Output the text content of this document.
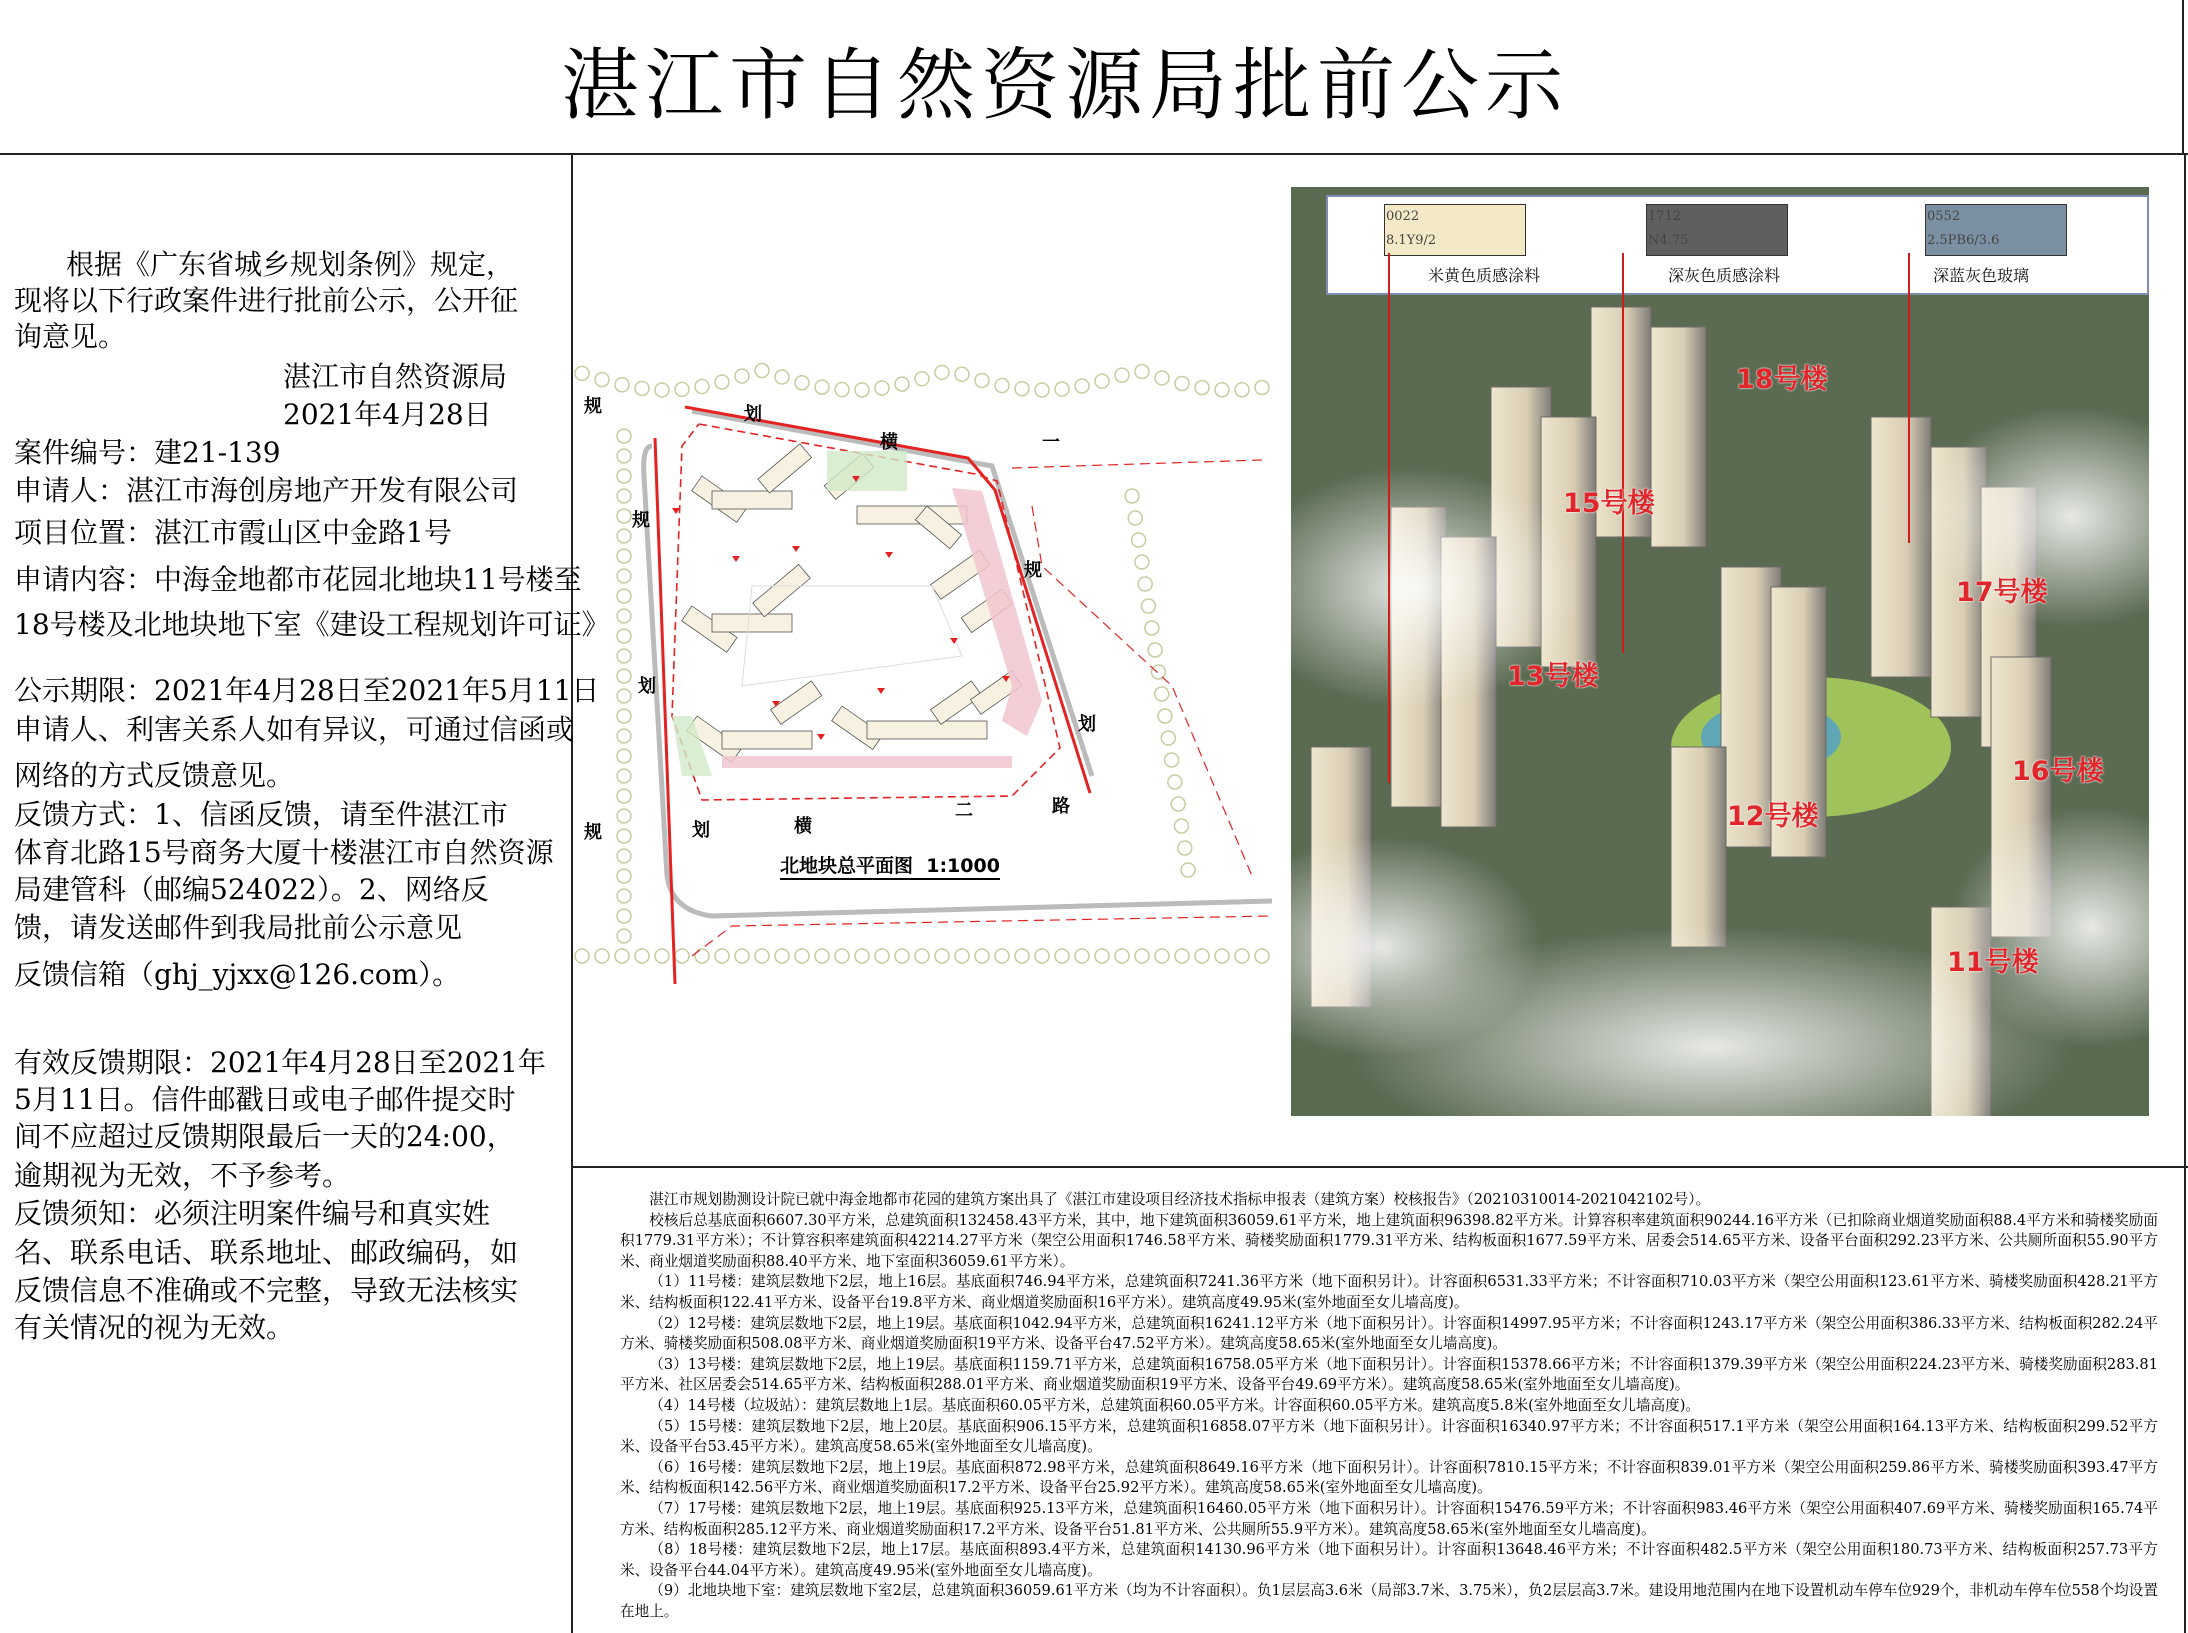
湛江市自然资源局批前公示
根据《广东省城乡规划条例》规定，
现将以下行政案件进行批前公示，公开征
询意见。
湛江市自然资源局
2021年4月28日
案件编号：建21-139
申请人：湛江市海创房地产开发有限公司
项目位置：湛江市霞山区中金路1号
申请内容：中海金地都市花园北地块11号楼至
18号楼及北地块地下室《建设工程规划许可证》
公示期限：2021年4月28日至2021年5月11日
申请人、利害关系人如有异议，可通过信函或
网络的方式反馈意见。
反馈方式：1、信函反馈，请至件湛江市
体育北路15号商务大厦十楼湛江市自然资源
局建管科（邮编524022）。2、网络反
馈，请发送邮件到我局批前公示意见
反馈信箱（ghj_yjxx@126.com）。
有效反馈期限：2021年4月28日至2021年
5月11日。信件邮戳日或电子邮件提交时
间不应超过反馈期限最后一天的24:00，
逾期视为无效，不予参考。
反馈须知：必须注明案件编号和真实姓
名、联系电话、联系地址、邮政编码，如
反馈信息不准确或不完整，导致无法核实
有关情况的视为无效。
规	划
横	一
规
划
规
划
路
二
横
划
规
北地块总平面图  1:1000
0022
8.1Y9/2
米黄色质感涂料
1712
N4.75
深灰色质感涂料
0552
2.5PB6/3.6
深蓝灰色玻璃
18号楼
15号楼
17号楼
13号楼
16号楼
12号楼
11号楼

湛江市规划勘测设计院已就中海金地都市花园的建筑方案出具了《湛江市建设项目经济技术指标申报表（建筑方案）校核报告》（20210310014-2021042102号）。

校核后总基底面积6607.30平方米，总建筑面积132458.43平方米，其中，地下建筑面积36059.61平方米，地上建筑面积96398.82平方米。计算容积率建筑面积90244.16平方米（已扣除商业烟道奖励面积88.4平方米和骑楼奖励面积1779.31平方米）；不计算容积率建筑面积42214.27平方米（架空公用面积1746.58平方米、骑楼奖励面积1779.31平方米、结构板面积1677.59平方米、居委会514.65平方米、设备平台面积292.23平方米、公共厕所面积55.90平方米、商业烟道奖励面积88.40平方米、地下室面积36059.61平方米）。

（1）11号楼：建筑层数地下2层，地上16层。基底面积746.94平方米，总建筑面积7241.36平方米（地下面积另计）。计容面积6531.33平方米；不计容面积710.03平方米（架空公用面积123.61平方米、骑楼奖励面积428.21平方米、结构板面积122.41平方米、设备平台19.8平方米、商业烟道奖励面积16平方米）。建筑高度49.95米(室外地面至女儿墙高度)。

（2）12号楼：建筑层数地下2层，地上19层。基底面积1042.94平方米，总建筑面积16241.12平方米（地下面积另计）。计容面积14997.95平方米；不计容面积1243.17平方米（架空公用面积386.33平方米、结构板面积282.24平方米、骑楼奖励面积508.08平方米、商业烟道奖励面积19平方米、设备平台47.52平方米）。建筑高度58.65米(室外地面至女儿墙高度)。

（3）13号楼：建筑层数地下2层，地上19层。基底面积1159.71平方米，总建筑面积16758.05平方米（地下面积另计）。计容面积15378.66平方米；不计容面积1379.39平方米（架空公用面积224.23平方米、骑楼奖励面积283.81平方米、社区居委会514.65平方米、结构板面积288.01平方米、商业烟道奖励面积19平方米、设备平台49.69平方米）。建筑高度58.65米(室外地面至女儿墙高度)。

（4）14号楼（垃圾站）：建筑层数地上1层。基底面积60.05平方米，总建筑面积60.05平方米。计容面积60.05平方米。建筑高度5.8米(室外地面至女儿墙高度)。

（5）15号楼：建筑层数地下2层，地上20层。基底面积906.15平方米，总建筑面积16858.07平方米（地下面积另计）。计容面积16340.97平方米；不计容面积517.1平方米（架空公用面积164.13平方米、结构板面积299.52平方米、设备平台53.45平方米）。建筑高度58.65米(室外地面至女儿墙高度)。

（6）16号楼：建筑层数地下2层，地上19层。基底面积872.98平方米，总建筑面积8649.16平方米（地下面积另计）。计容面积7810.15平方米；不计容面积839.01平方米（架空公用面积259.86平方米、骑楼奖励面积393.47平方米、结构板面积142.56平方米、商业烟道奖励面积17.2平方米、设备平台25.92平方米）。建筑高度58.65米(室外地面至女儿墙高度)。

（7）17号楼：建筑层数地下2层，地上19层。基底面积925.13平方米，总建筑面积16460.05平方米（地下面积另计）。计容面积15476.59平方米；不计容面积983.46平方米（架空公用面积407.69平方米、骑楼奖励面积165.74平方米、结构板面积285.12平方米、商业烟道奖励面积17.2平方米、设备平台51.81平方米、公共厕所55.9平方米）。建筑高度58.65米(室外地面至女儿墙高度)。

（8）18号楼：建筑层数地下2层，地上17层。基底面积893.4平方米，总建筑面积14130.96平方米（地下面积另计）。计容面积13648.46平方米；不计容面积482.5平方米（架空公用面积180.73平方米、结构板面积257.73平方米、设备平台44.04平方米）。建筑高度49.95米(室外地面至女儿墙高度)。

（9）北地块地下室：建筑层数地下室2层，总建筑面积36059.61平方米（均为不计容面积）。负1层层高3.6米（局部3.7米、3.75米），负2层层高3.7米。建设用地范围内在地下设置机动车停车位929个，非机动车停车位558个均设置在地上。
